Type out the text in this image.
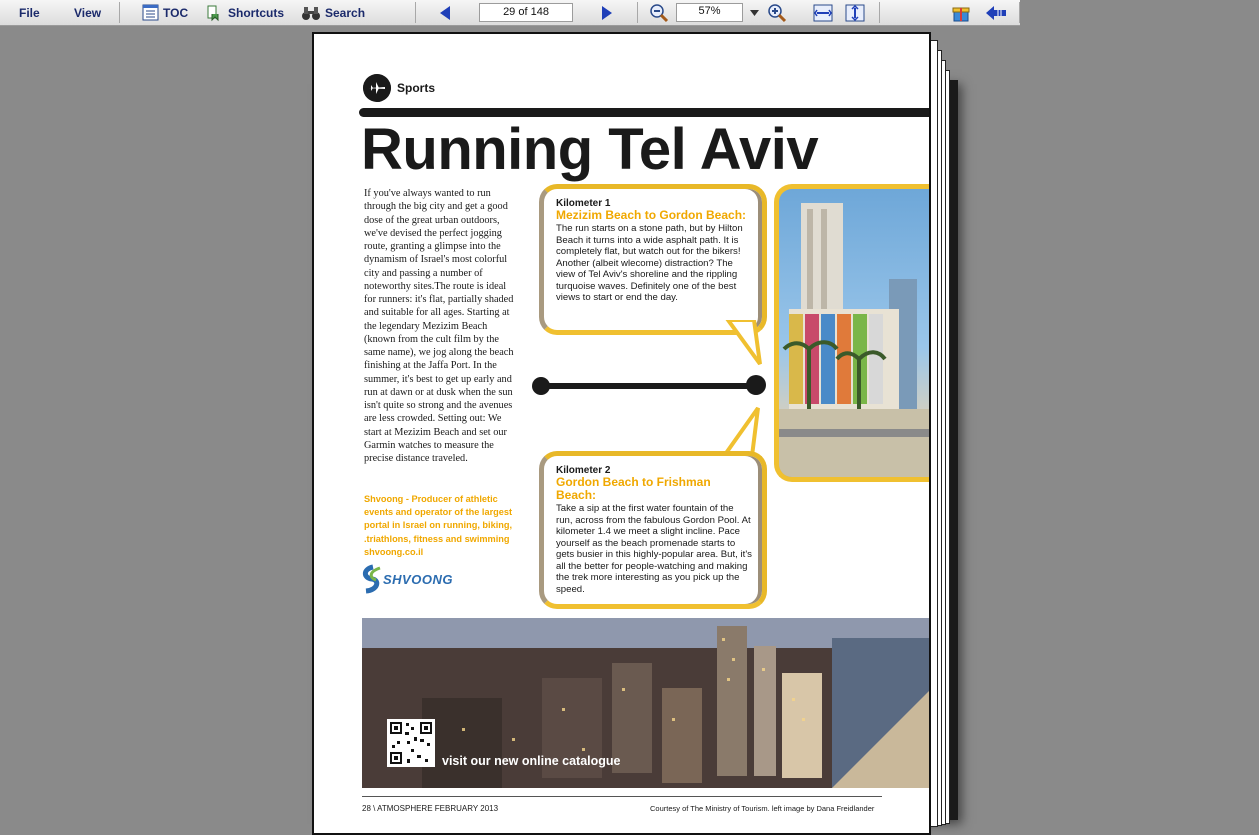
File	View	TOC	Shortcuts	Search	29 of 148	57%
Sports
Running Tel Aviv
If you've always wanted to run through the big city and get a good dose of the great urban outdoors, we've devised the perfect jogging route, granting a glimpse into the dynamism of Israel's most colorful city and passing a number of noteworthy sites.The route is ideal for runners: it's flat, partially shaded and suitable for all ages. Starting at the legendary Mezizim Beach (known from the cult film by the same name), we jog along the beach finishing at the Jaffa Port. In the summer, it's best to get up early and run at dawn or at dusk when the sun isn't quite so strong and the avenues are less crowded. Setting out: We start at Mezizim Beach and set our Garmin watches to measure the precise distance traveled.
Shvoong - Producer of athletic events and operator of the largest portal in Israel on running, biking, .triathlons, fitness and swimming shvoong.co.il
SHVOONG
Kilometer 1
Mezizim Beach to Gordon Beach:
The run starts on a stone path, but by Hilton Beach it turns into a wide asphalt path. It is completely flat, but watch out for the bikers! Another (albeit wlecome) distraction? The view of Tel Aviv's shoreline and the rippling turquoise waves. Definitely one of the best views to start or end the day.
Kilometer 2
Gordon Beach to Frishman Beach:
Take a sip at the first water fountain of the run, across from the fabulous Gordon Pool. At kilometer 1.4 we meet a slight incline. Pace yourself as the beach promenade starts to gets busier in this highly-popular area. But, it's all the better for people-watching and making the trek more interesting as you pick up the speed.
visit our new online catalogue
28 \ ATMOSPHERE FEBRUARY 2013	Courtesy of The Ministry of Tourism. left image by Dana Freidlander
